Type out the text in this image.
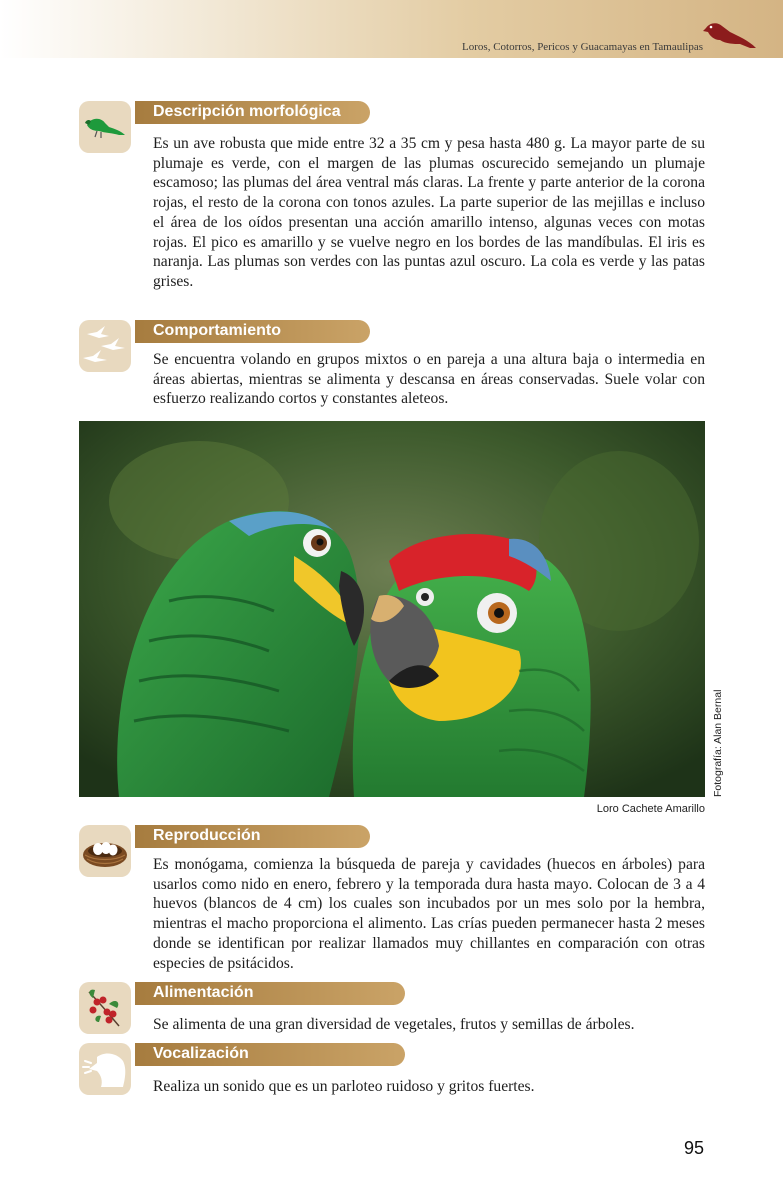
Loros, Cotorros, Pericos y Guacamayas en Tamaulipas
Descripción morfológica
Es un ave robusta que mide entre 32 a 35 cm y pesa hasta 480 g. La mayor parte de su plumaje es verde, con el margen de las plumas oscurecido semejando un plumaje escamoso; las plumas del área ventral más claras. La frente y parte anterior de la corona rojas, el resto de la corona con tonos azules. La parte superior de las mejillas e incluso el área de los oídos presentan una acción amarillo intenso, algunas veces con motas rojas. El pico es amarillo y se vuelve negro en los bordes de las mandíbulas. El iris es naranja. Las plumas son verdes con las puntas azul oscuro. La cola es verde y las patas grises.
Comportamiento
Se encuentra volando en grupos mixtos o en pareja a una altura baja o intermedia en áreas abiertas, mientras se alimenta y descansa en áreas conservadas. Suele volar con esfuerzo realizando cortos y constantes aleteos.
Fotografía: Alan Bernal
Loro Cachete Amarillo
Reproducción
Es monógama, comienza la búsqueda de pareja y cavidades (huecos en árboles) para usarlos como nido en enero, febrero y la temporada dura hasta mayo. Colocan de 3 a 4 huevos (blancos de 4 cm) los cuales son incubados por un mes solo por la hembra, mientras el macho proporciona el alimento. Las crías pueden permanecer hasta 2 meses donde se identifican por realizar llamados muy chillantes en comparación con otras especies de psitácidos.
Alimentación
Se alimenta de una gran diversidad de vegetales, frutos y semillas de árboles.
Vocalización
Realiza un sonido que es un parloteo ruidoso y gritos fuertes.
95
